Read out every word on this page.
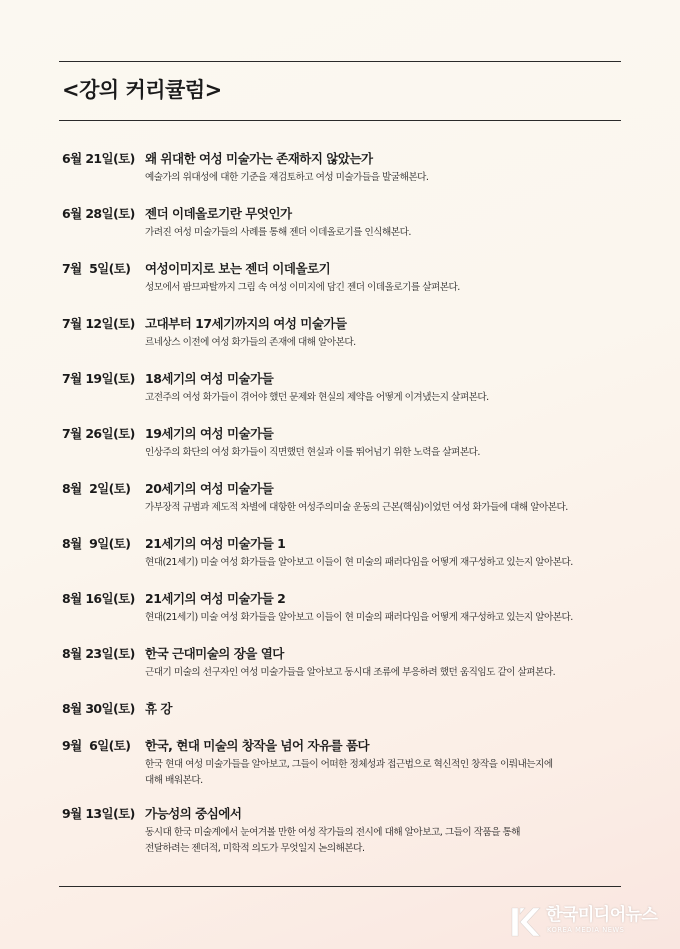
<강의 커리큘럼>
6월 21일(토) 왜 위대한 여성 미술가는 존재하지 않았는가
예술가의 위대성에 대한 기준을 재검토하고 여성 미술가들을 발굴해본다.
6월 28일(토) 젠더 이데올로기란 무엇인가
가려진 여성 미술가들의 사례를 통해 젠더 이데올로기를 인식해본다.
7월  5일(토) 여성이미지로 보는 젠더 이데올로기
성모에서 팜므파탈까지 그림 속 여성 이미지에 담긴 젠더 이데올로기를 살펴본다.
7월 12일(토) 고대부터 17세기까지의 여성 미술가들
르네상스 이전에 여성 화가들의 존재에 대해 알아본다.
7월 19일(토) 18세기의 여성 미술가들
고전주의 여성 화가들이 겪어야 했던 문제와 현실의 제약을 어떻게 이겨냈는지 살펴본다.
7월 26일(토) 19세기의 여성 미술가들
인상주의 화단의 여성 화가들이 직면했던 현실과 이를 뛰어넘기 위한 노력을 살펴본다.
8월  2일(토) 20세기의 여성 미술가들
가부장적 규범과 제도적 차별에 대항한 여성주의미술 운동의 근본(핵심)이었던 여성 화가들에 대해 알아본다.
8월  9일(토) 21세기의 여성 미술가들 1
현대(21세기) 미술 여성 화가들을 알아보고 이들이 현 미술의 패러다임을 어떻게 재구성하고 있는지 알아본다.
8월 16일(토) 21세기의 여성 미술가들 2
현대(21세기) 미술 여성 화가들을 알아보고 이들이 현 미술의 패러다임을 어떻게 재구성하고 있는지 알아본다.
8월 23일(토) 한국 근대미술의 장을 열다
근대기 미술의 선구자인 여성 미술가들을 알아보고 동시대 조류에 부응하려 했던 움직임도 같이 살펴본다.
8월 30일(토) 휴 강
9월  6일(토) 한국, 현대 미술의 창작을 넘어 자유를 품다
한국 현대 여성 미술가들을 알아보고, 그들이 어떠한 정체성과 접근법으로 혁신적인 창작을 이뤄내는지에
대해 배워본다.
9월 13일(토) 가능성의 중심에서
동시대 한국 미술계에서 눈여겨볼 만한 여성 작가들의 전시에 대해 알아보고, 그들이 작품을 통해
전달하려는 젠더적, 미학적 의도가 무엇일지 논의해본다.
한국미디어뉴스
KOREA MEDIA NEWS
